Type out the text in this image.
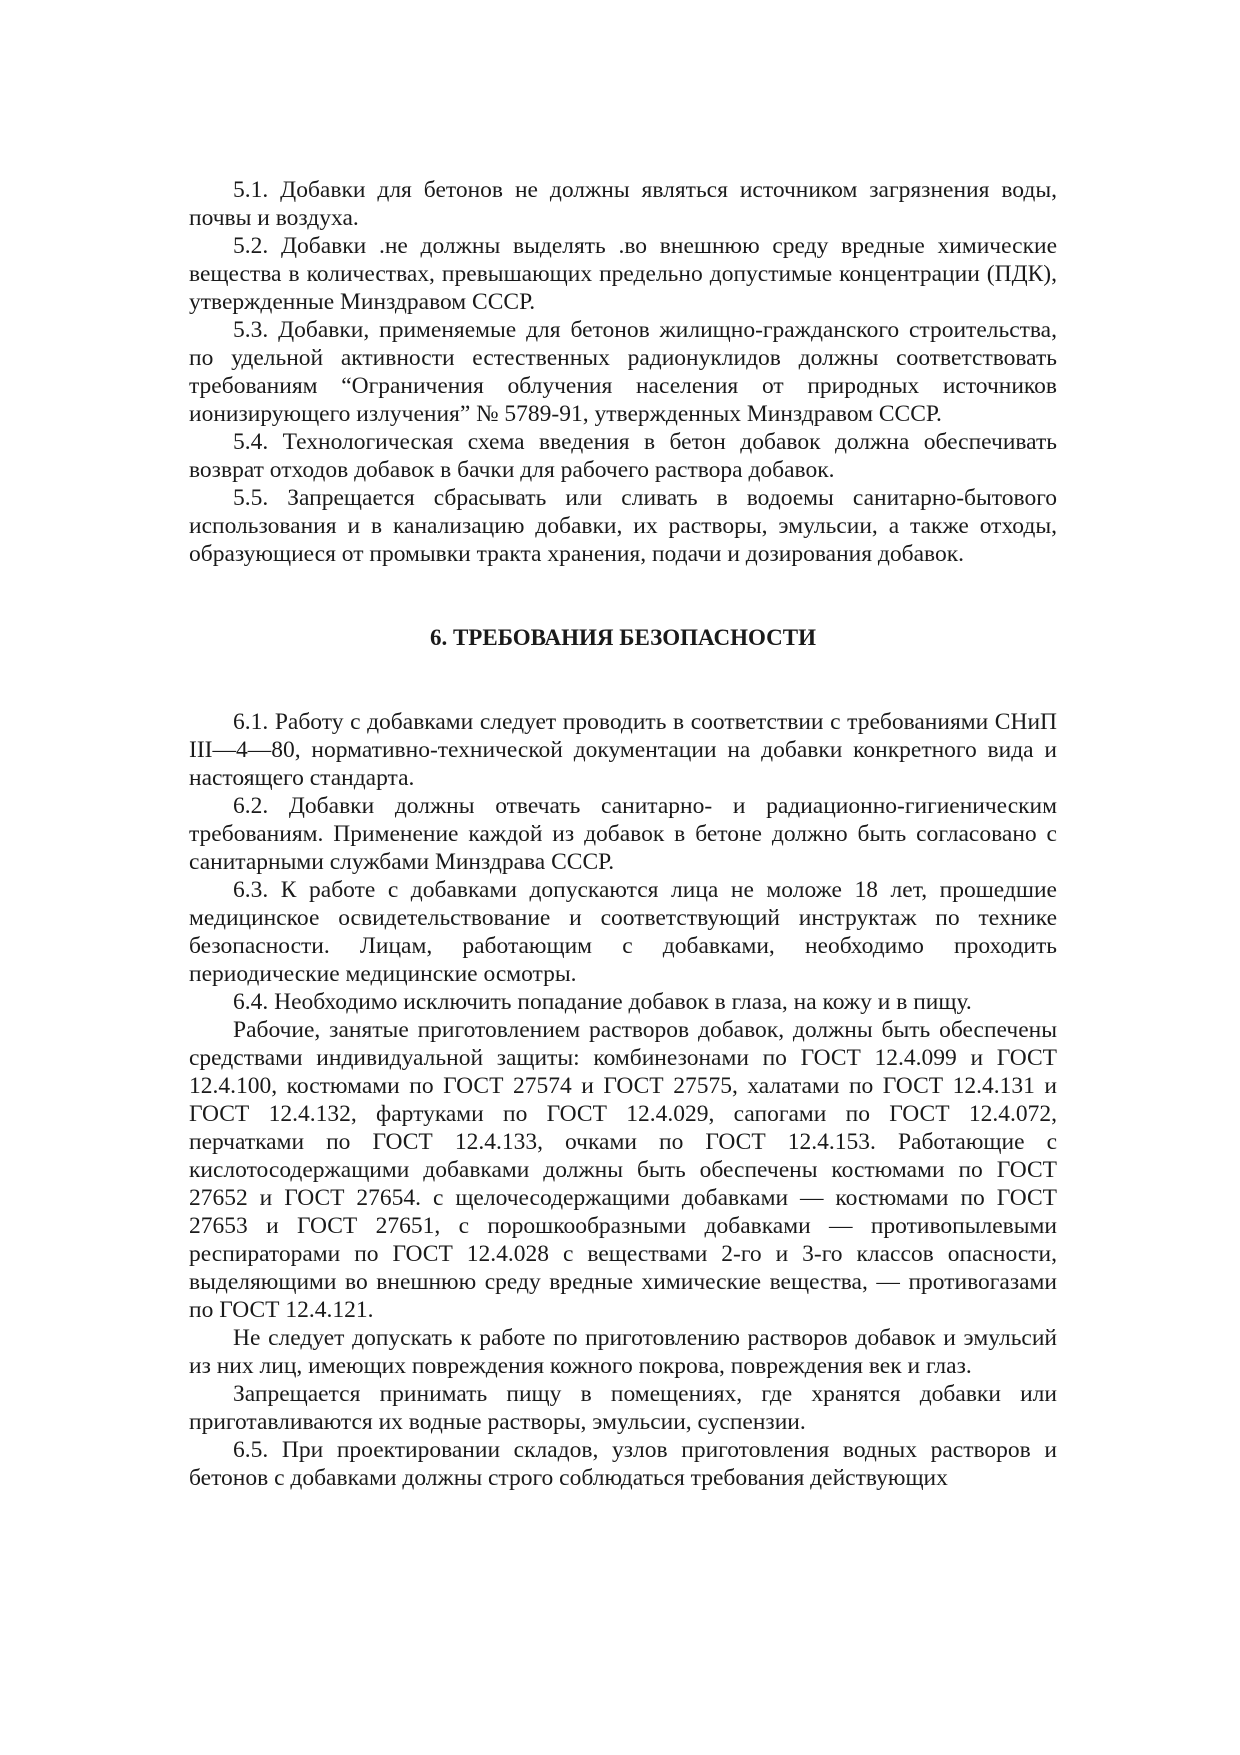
5.1. Добавки для бетонов не должны являться источником загрязнения воды, почвы и воздуха.

5.2. Добавки .не должны выделять .во внешнюю среду вредные химические вещества в количествах, превышающих предельно допустимые концентрации (ПДК), утвержденные Минздравом СССР.

5.3. Добавки, применяемые для бетонов жилищно-гражданского строительства, по удельной активности естественных радионуклидов должны соответствовать требованиям “Ограничения облучения населения от природных источников ионизирующего излучения” № 5789-91, утвержденных Минздравом СССР.

5.4. Технологическая схема введения в бетон добавок должна обеспечивать возврат отходов добавок в бачки для рабочего раствора добавок.

5.5. Запрещается сбрасывать или сливать в водоемы санитарно-бытового использования и в канализацию добавки, их растворы, эмульсии, а также отходы, образующиеся от промывки тракта хранения, подачи и дозирования добавок.

6. ТРЕБОВАНИЯ БЕЗОПАСНОСТИ

6.1. Работу с добавками следует проводить в соответствии с требованиями СНиП III—4—80, нормативно-технической документации на добавки конкретного вида и настоящего стандарта.

6.2. Добавки должны отвечать санитарно- и радиационно-гигиеническим требованиям. Применение каждой из добавок в бетоне должно быть согласовано с санитарными службами Минздрава СССР.

6.3. К работе с добавками допускаются лица не моложе 18 лет, прошедшие медицинское освидетельствование и соответствующий инструктаж по технике безопасности. Лицам, работающим с добавками, необходимо проходить периодические медицинские осмотры.

6.4. Необходимо исключить попадание добавок в глаза, на кожу и в пищу.

Рабочие, занятые приготовлением растворов добавок, должны быть обеспечены средствами индивидуальной защиты: комбинезонами по ГОСТ 12.4.099 и ГОСТ 12.4.100, костюмами по ГОСТ 27574 и ГОСТ 27575, халатами по ГОСТ 12.4.131 и ГОСТ 12.4.132, фартуками по ГОСТ 12.4.029, сапогами по ГОСТ 12.4.072, перчатками по ГОСТ 12.4.133, очками по ГОСТ 12.4.153. Работающие с кислотосодержащими добавками должны быть обеспечены костюмами по ГОСТ 27652 и ГОСТ 27654. с щелочесодержащими добавками — костюмами по ГОСТ 27653 и ГОСТ 27651, с порошкообразными добавками — противопылевыми респираторами по ГОСТ 12.4.028 с веществами 2-го и 3-го классов опасности, выделяющими во внешнюю среду вредные химические вещества, — противогазами по ГОСТ 12.4.121.

Не следует допускать к работе по приготовлению растворов добавок и эмульсий из них лиц, имеющих повреждения кожного покрова, повреждения век и глаз.

Запрещается принимать пищу в помещениях, где хранятся добавки или приготавливаются их водные растворы, эмульсии, суспензии.

6.5. При проектировании складов, узлов приготовления водных растворов и бетонов с добавками должны строго соблюдаться требования действующих
